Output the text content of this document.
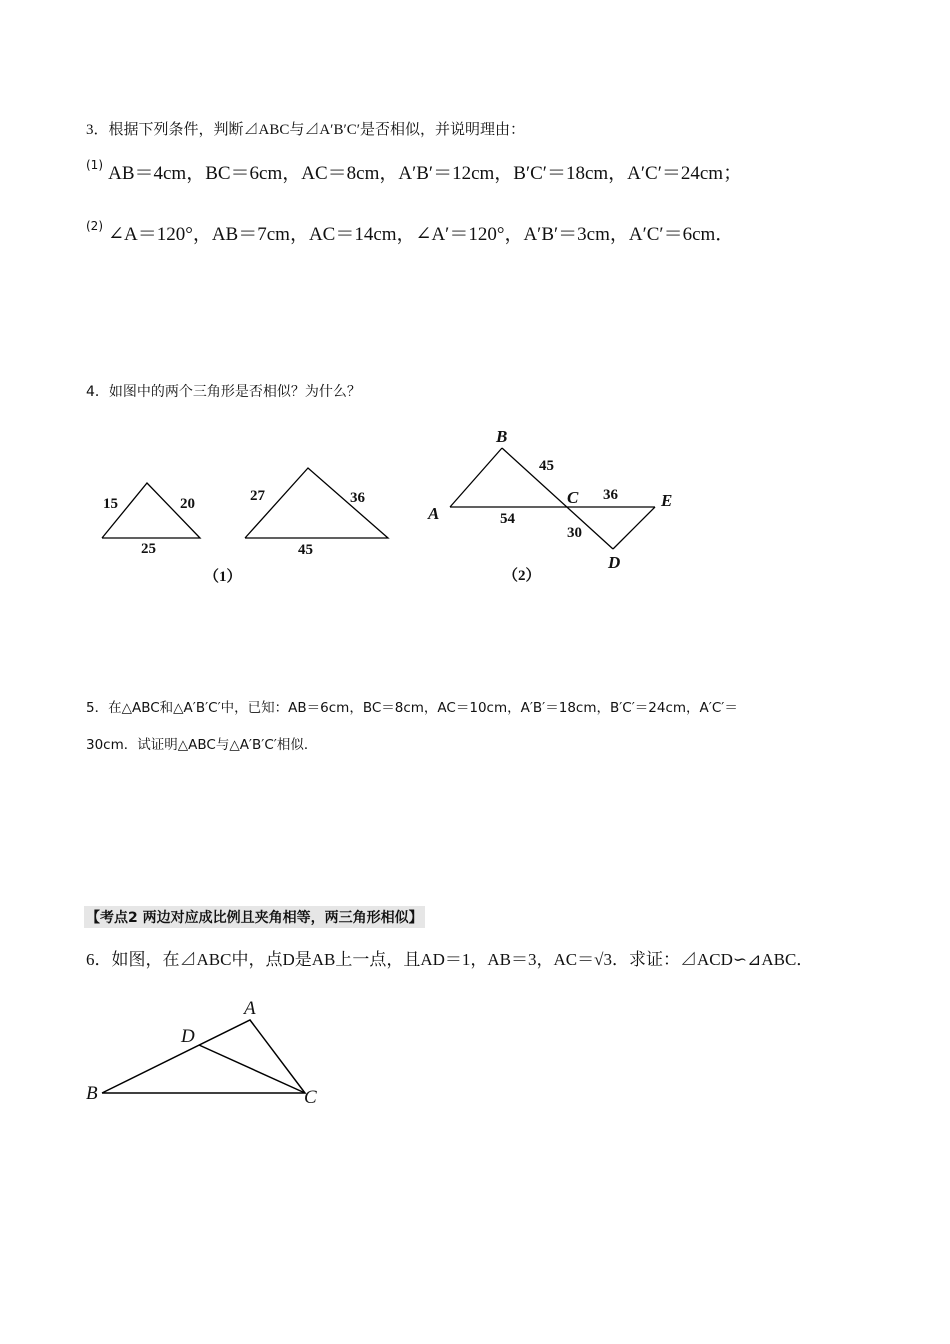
3．根据下列条件，判断⊿ABC与⊿A′B′C′是否相似，并说明理由：
$^{(1)}$ AB＝4cm，BC＝6cm，AC＝8cm，A′B′＝12cm，B′C′＝18cm，A′C′＝24cm；
$^{(2)}$ ∠A＝120°，AB＝7cm，AC＝14cm，∠A′＝120°，A′B′＝3cm，A′C′＝6cm．
4．如图中的两个三角形是否相似？为什么？
15	20
25
27	36
45
（1）
B
A
C	E
D
45
36
54
30
（2）
5．在△ABC和△A′B′C′中，已知：AB＝6cm，BC＝8cm，AC＝10cm，A′B′＝18cm，B′C′＝24cm，A′C′＝
30cm．试证明△ABC与△A′B′C′相似．
【考点2 两边对应成比例且夹角相等，两三角形相似】
6．如图，在⊿ABC中，点D是AB上一点，且AD＝1，AB＝3，AC＝√3．求证：⊿ACD∽⊿ABC．
A
D
B	C
